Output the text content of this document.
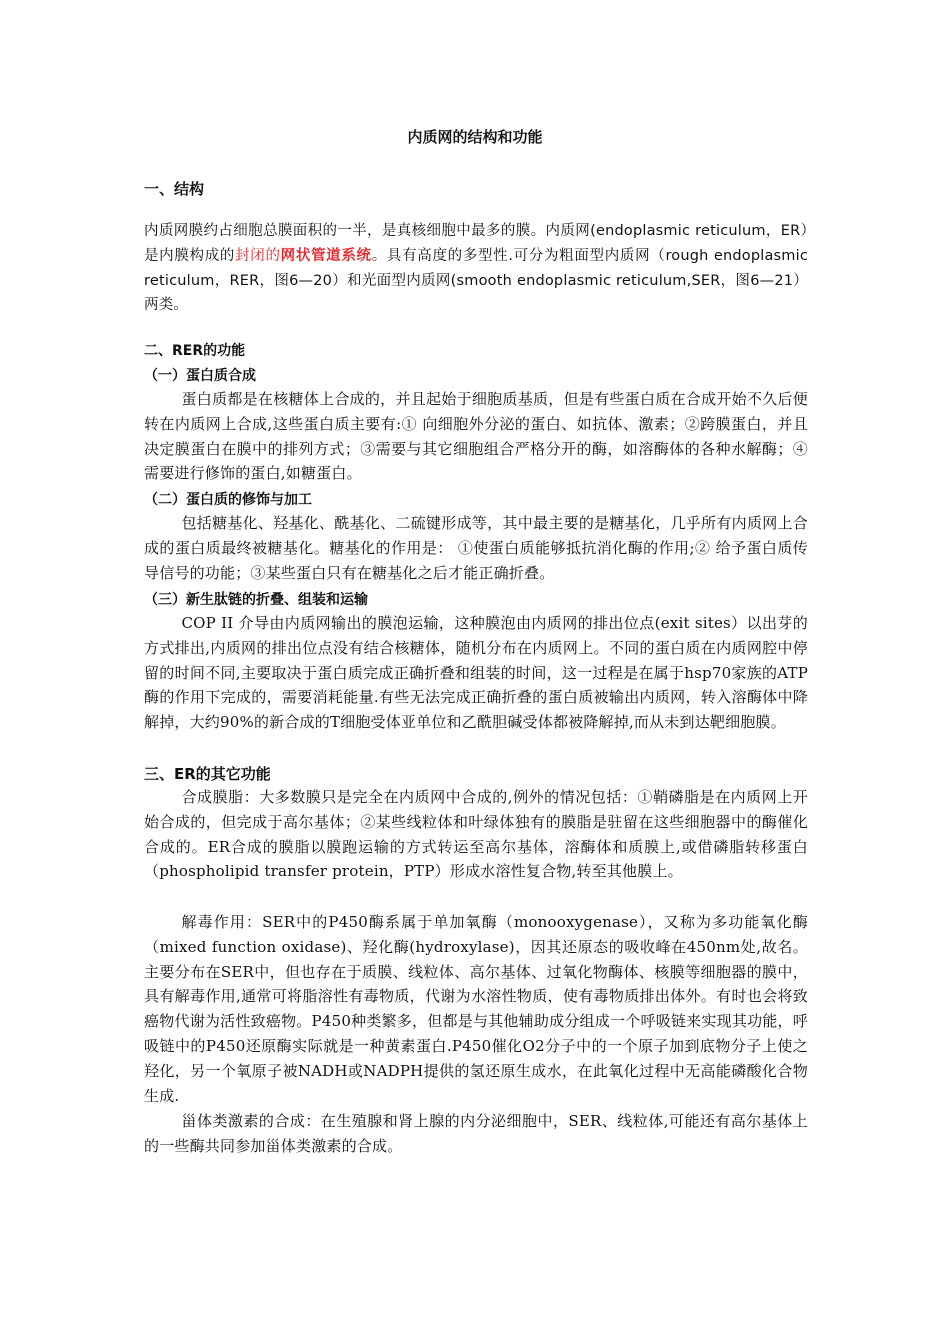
内质网的结构和功能
一、结构
内质网膜约占细胞总膜面积的一半，是真核细胞中最多的膜。内质网(endoplasmic reticulum，ER）是内膜构成的封闭的网状管道系统。具有高度的多型性.可分为粗面型内质网（rough endoplasmic reticulum，RER，图6—20）和光面型内质网(smooth endoplasmic reticulum,SER，图6—21）两类。
二、RER的功能
（一）蛋白质合成
蛋白质都是在核糖体上合成的，并且起始于细胞质基质，但是有些蛋白质在合成开始不久后便转在内质网上合成,这些蛋白质主要有:① 向细胞外分泌的蛋白、如抗体、激素；②跨膜蛋白，并且决定膜蛋白在膜中的排列方式；③需要与其它细胞组合严格分开的酶，如溶酶体的各种水解酶；④需要进行修饰的蛋白,如糖蛋白。
（二）蛋白质的修饰与加工
包括糖基化、羟基化、酰基化、二硫键形成等，其中最主要的是糖基化，几乎所有内质网上合成的蛋白质最终被糖基化。糖基化的作用是： ①使蛋白质能够抵抗消化酶的作用;② 给予蛋白质传导信号的功能；③某些蛋白只有在糖基化之后才能正确折叠。
（三）新生肽链的折叠、组装和运输
COP II 介导由内质网输出的膜泡运输，这种膜泡由内质网的排出位点(exit sites）以出芽的方式排出,内质网的排出位点没有结合核糖体，随机分布在内质网上。不同的蛋白质在内质网腔中停留的时间不同,主要取决于蛋白质完成正确折叠和组装的时间，这一过程是在属于hsp70家族的ATP酶的作用下完成的，需要消耗能量.有些无法完成正确折叠的蛋白质被输出内质网，转入溶酶体中降解掉，大约90%的新合成的T细胞受体亚单位和乙酰胆碱受体都被降解掉,而从未到达靶细胞膜。
三、ER的其它功能
合成膜脂：大多数膜只是完全在内质网中合成的,例外的情况包括：①鞘磷脂是在内质网上开始合成的，但完成于高尔基体；②某些线粒体和叶绿体独有的膜脂是驻留在这些细胞器中的酶催化合成的。ER合成的膜脂以膜跑运输的方式转运至高尔基体，溶酶体和质膜上,或借磷脂转移蛋白（phospholipid transfer protein，PTP）形成水溶性复合物,转至其他膜上。
解毒作用：SER中的P450酶系属于单加氧酶（monooxygenase），又称为多功能氧化酶 （mixed function oxidase)、羟化酶(hydroxylase)，因其还原态的吸收峰在450nm处,故名。主要分布在SER中，但也存在于质膜、线粒体、高尔基体、过氧化物酶体、核膜等细胞器的膜中，具有解毒作用,通常可将脂溶性有毒物质，代谢为水溶性物质，使有毒物质排出体外。有时也会将致癌物代谢为活性致癌物。P450种类繁多，但都是与其他辅助成分组成一个呼吸链来实现其功能，呼吸链中的P450还原酶实际就是一种黄素蛋白.P450催化O2分子中的一个原子加到底物分子上使之羟化，另一个氧原子被NADH或NADPH提供的氢还原生成水，在此氧化过程中无高能磷酸化合物生成.
甾体类激素的合成：在生殖腺和肾上腺的内分泌细胞中，SER、线粒体,可能还有高尔基体上的一些酶共同参加甾体类激素的合成。
